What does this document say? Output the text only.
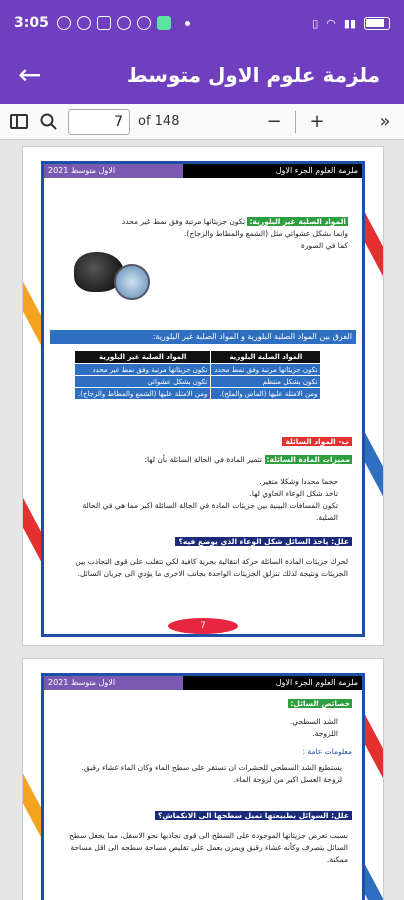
3:05	▯ ◠ ▮▮
←	ملزمة علوم الاول متوسط
7
of 148	− +	»
ملزمة العلوم الجزء الاول
الاول متوسط 2021
المواد الصلبة غير البلورية: تكون جزيئاتها مرتبة وفق نمط غير محدد وانما بشكل عشوائي مثل (الشمع والمطاط والزجاج).
كما في الصورة
الفرق بين المواد الصلبة البلورية و المواد الصلبة غير البلورية:
المواد الصلبة البلورية	المواد الصلبة غير البلورية
تكون جزيئاتها مرتبة وفق نمط محدد	تكون جزيئاتها مرتبة وفق نمط غير محدد
تكون بشكل منتظم	تكون بشكل عشوائي
ومن الامثلة عليها (الماس والملح).	ومن الامثلة عليها (الشمع والمطاط والزجاج).
ب- المواد السائلة
مميزات المادة السائلة: تتميز المادة في الحالة السائلة بأن لها:
حجما محددا وشكلا متغير.
تاخذ شكل الوعاء الحاوي لها.
تكون المسافات البينية بين جزيئات المادة في الحالة السائلة اكبر مما هي في الحالة الصلبة.
علل: ياخذ السائل شكل الوعاء الذي يوضع فيه؟
لحرك جزيئات المادة السائلة حركة انتقالية بحرية كافية لكي تتغلب على قوى التجاذب بين الجزيئات ونتيجة لذلك تنزلق الجزيئات الواحدة بجانب الاخرى ما يؤدي الى جريان السائل.
7
ملزمة العلوم الجزء الاول
الاول متوسط 2021
خصائص السائل:
الشد السطحي.
اللزوجة.
معلومات عامة :
يستطيع الشد السطحي للحشرات ان تستقر على سطح الماء وكان الماء غشاء رقيق.
لزوجة العسل اكبر من لزوجة الماء.
علل: السوائل بطبيعتها تميل سطحها الى الانكماش؟
بسبب تعرض جزيئاتها الموجودة على السطح الى قوى تجاذبها نحو الاسفل، مما يجعل سطح السائل يتصرف وكأنه غشاء رقيق ويمرن يعمل على تقليص مساحة سطحه الى اقل مساحة ممكنة.
